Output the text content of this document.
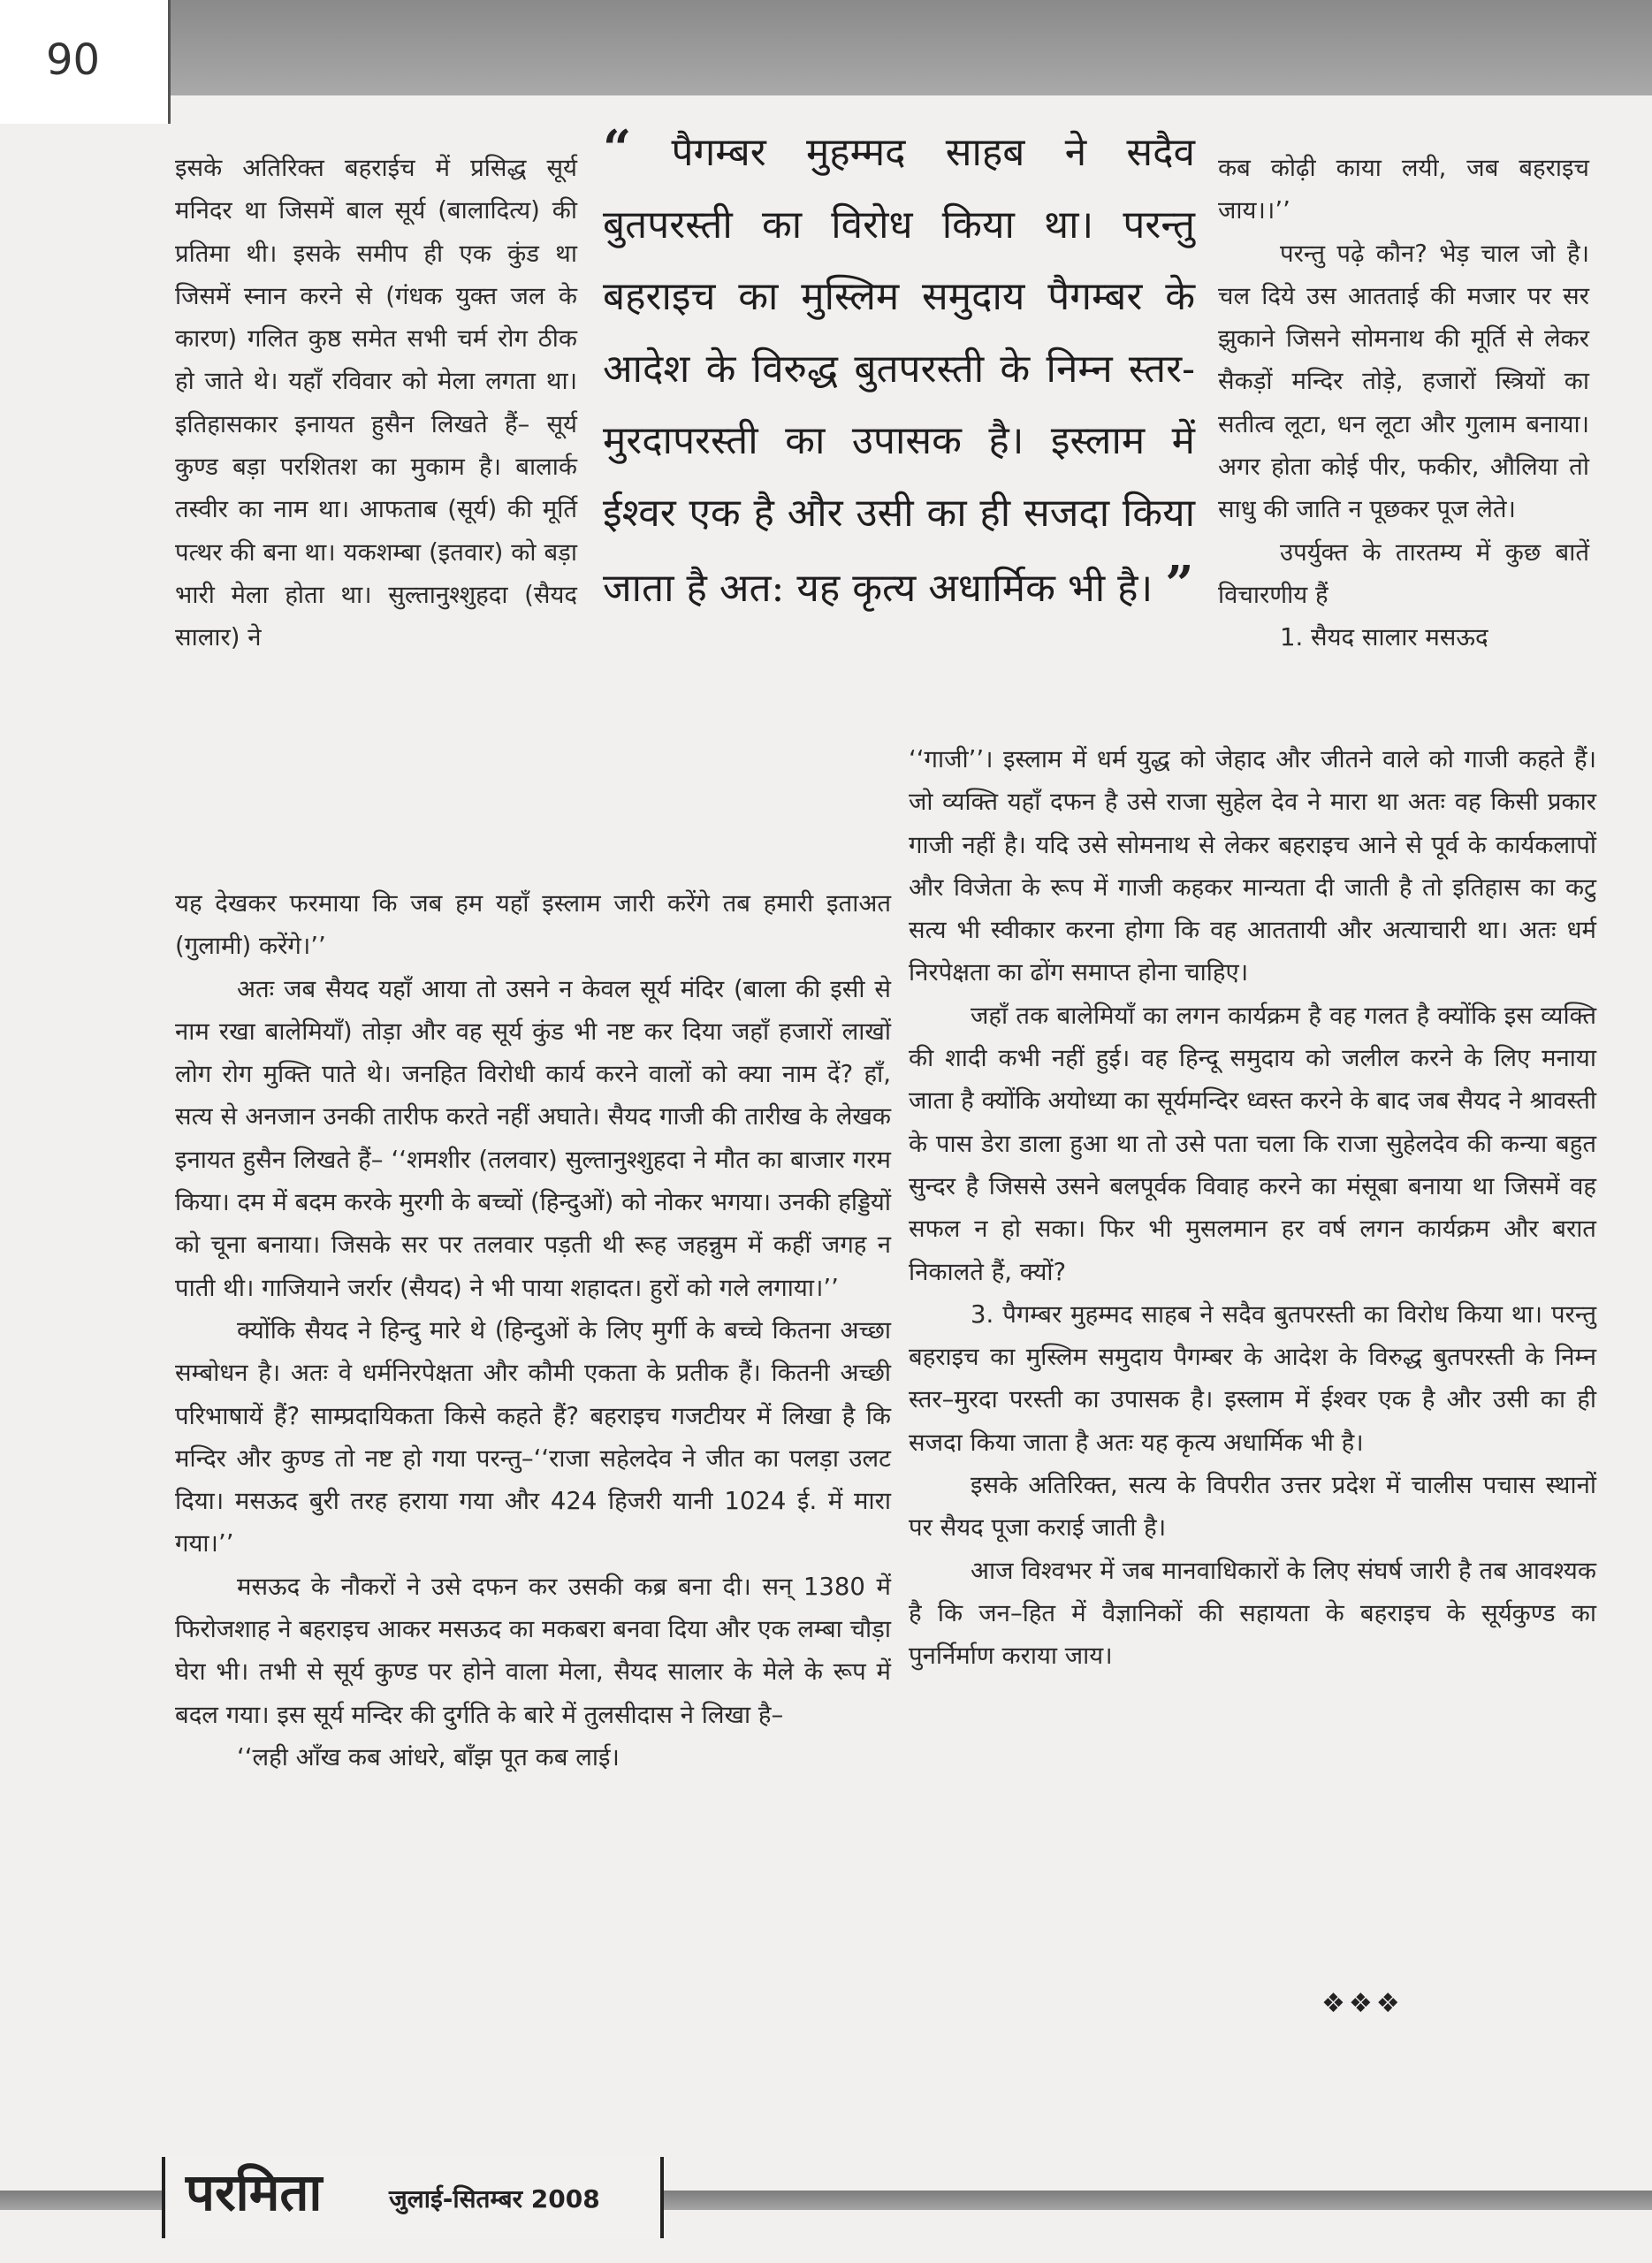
90

इसके अतिरिक्त बहराईच में प्रसिद्ध सूर्य मनिदर था जिसमें बाल सूर्य (बालादित्य) की प्रतिमा थी। इसके समीप ही एक कुंड था जिसमें स्नान करने से (गंधक युक्त जल के कारण) गलित कुष्ठ समेत सभी चर्म रोग ठीक हो जाते थे। यहाँ रविवार को मेला लगता था। इतिहासकार इनायत हुसैन लिखते हैं– सूर्य कुण्ड बड़ा परशितश का मुकाम है। बालार्क तस्वीर का नाम था। आफताब (सूर्य) की मूर्ति पत्थर की बना था। यकशम्बा (इतवार) को बड़ा भारी मेला होता था। सुल्तानुश्शुहदा (सैयद सालार) ने

“ पैगम्बर मुहम्मद साहब ने सदैव बुतपरस्ती का विरोध किया था। परन्तु बहराइच का मुस्लिम समुदाय पैगम्बर के आदेश के विरुद्ध बुतपरस्ती के निम्न स्तर-मुरदापरस्ती का उपासक है। इस्लाम में ईश्वर एक है और उसी का ही सजदा किया जाता है अत: यह कृत्य अधार्मिक भी है। ”

कब कोढ़ी काया लयी, जब बहराइच जाय।।’’
परन्तु पढ़े कौन? भेड़ चाल जो है। चल दिये उस आतताई की मजार पर सर झुकाने जिसने सोमनाथ की मूर्ति से लेकर सैकड़ों मन्दिर तोड़े, हजारों स्त्रियों का सतीत्व लूटा, धन लूटा और गुलाम बनाया। अगर होता कोई पीर, फकीर, औलिया तो साधु की जाति न पूछकर पूज लेते।
उपर्युक्त के तारतम्य में कुछ बातें विचारणीय हैं
1. सैयद सालार मसऊद
यह देखकर फरमाया कि जब हम यहाँ इस्लाम जारी करेंगे तब हमारी इताअत (गुलामी) करेंगे।’’
अतः जब सैयद यहाँ आया तो उसने न केवल सूर्य मंदिर (बाला की इसी से नाम रखा बालेमियाँ) तोड़ा और वह सूर्य कुंड भी नष्ट कर दिया जहाँ हजारों लाखों लोग रोग मुक्ति पाते थे। जनहित विरोधी कार्य करने वालों को क्या नाम दें? हाँ, सत्य से अनजान उनकी तारीफ करते नहीं अघाते। सैयद गाजी की तारीख के लेखक इनायत हुसैन लिखते हैं– ‘‘शमशीर (तलवार) सुल्तानुश्शुहदा ने मौत का बाजार गरम किया। दम में बदम करके मुरगी के बच्चों (हिन्दुओं) को नोकर भगया। उनकी हड्डियों को चूना बनाया। जिसके सर पर तलवार पड़ती थी रूह जहन्नुम में कहीं जगह न पाती थी। गाजियाने जर्रार (सैयद) ने भी पाया शहादत। हुरों को गले लगाया।’’
क्योंकि सैयद ने हिन्दु मारे थे (हिन्दुओं के लिए मुर्गी के बच्चे कितना अच्छा सम्बोधन है। अतः वे धर्मनिरपेक्षता और कौमी एकता के प्रतीक हैं। कितनी अच्छी परिभाषायें हैं? साम्प्रदायिकता किसे कहते हैं? बहराइच गजटीयर में लिखा है कि मन्दिर और कुण्ड तो नष्ट हो गया परन्तु–‘‘राजा सहेलदेव ने जीत का पलड़ा उलट दिया। मसऊद बुरी तरह हराया गया और 424 हिजरी यानी 1024 ई. में मारा गया।’’
मसऊद के नौकरों ने उसे दफन कर उसकी कब्र बना दी। सन् 1380 में फिरोजशाह ने बहराइच आकर मसऊद का मकबरा बनवा दिया और एक लम्बा चौड़ा घेरा भी। तभी से सूर्य कुण्ड पर होने वाला मेला, सैयद सालार के मेले के रूप में बदल गया। इस सूर्य मन्दिर की दुर्गति के बारे में तुलसीदास ने लिखा है–
‘‘लही आँख कब आंधरे, बाँझ पूत कब लाई।
‘‘गाजी’’। इस्लाम में धर्म युद्ध को जेहाद और जीतने वाले को गाजी कहते हैं। जो व्यक्ति यहाँ दफन है उसे राजा सुहेल देव ने मारा था अतः वह किसी प्रकार गाजी नहीं है। यदि उसे सोमनाथ से लेकर बहराइच आने से पूर्व के कार्यकलापों और विजेता के रूप में गाजी कहकर मान्यता दी जाती है तो इतिहास का कटु सत्य भी स्वीकार करना होगा कि वह आततायी और अत्याचारी था। अतः धर्म निरपेक्षता का ढोंग समाप्त होना चाहिए।
जहाँ तक बालेमियाँ का लगन कार्यक्रम है वह गलत है क्योंकि इस व्यक्ति की शादी कभी नहीं हुई। वह हिन्दू समुदाय को जलील करने के लिए मनाया जाता है क्योंकि अयोध्या का सूर्यमन्दिर ध्वस्त करने के बाद जब सैयद ने श्रावस्ती के पास डेरा डाला हुआ था तो उसे पता चला कि राजा सुहेलदेव की कन्या बहुत सुन्दर है जिससे उसने बलपूर्वक विवाह करने का मंसूबा बनाया था जिसमें वह सफल न हो सका। फिर भी मुसलमान हर वर्ष लगन कार्यक्रम और बरात निकालते हैं, क्यों?
3. पैगम्बर मुहम्मद साहब ने सदैव बुतपरस्ती का विरोध किया था। परन्तु बहराइच का मुस्लिम समुदाय पैगम्बर के आदेश के विरुद्ध बुतपरस्ती के निम्न स्तर–मुरदा परस्ती का उपासक है। इस्लाम में ईश्वर एक है और उसी का ही सजदा किया जाता है अतः यह कृत्य अधार्मिक भी है।
इसके अतिरिक्त, सत्य के विपरीत उत्तर प्रदेश में चालीस पचास स्थानों पर सैयद पूजा कराई जाती है।
आज विश्वभर में जब मानवाधिकारों के लिए संघर्ष जारी है तब आवश्यक है कि जन–हित में वैज्ञानिकों की सहायता के बहराइच के सूर्यकुण्ड का पुनर्निर्माण कराया जाय।
❖❖❖
परमिता	जुलाई-सितम्बर 2008
